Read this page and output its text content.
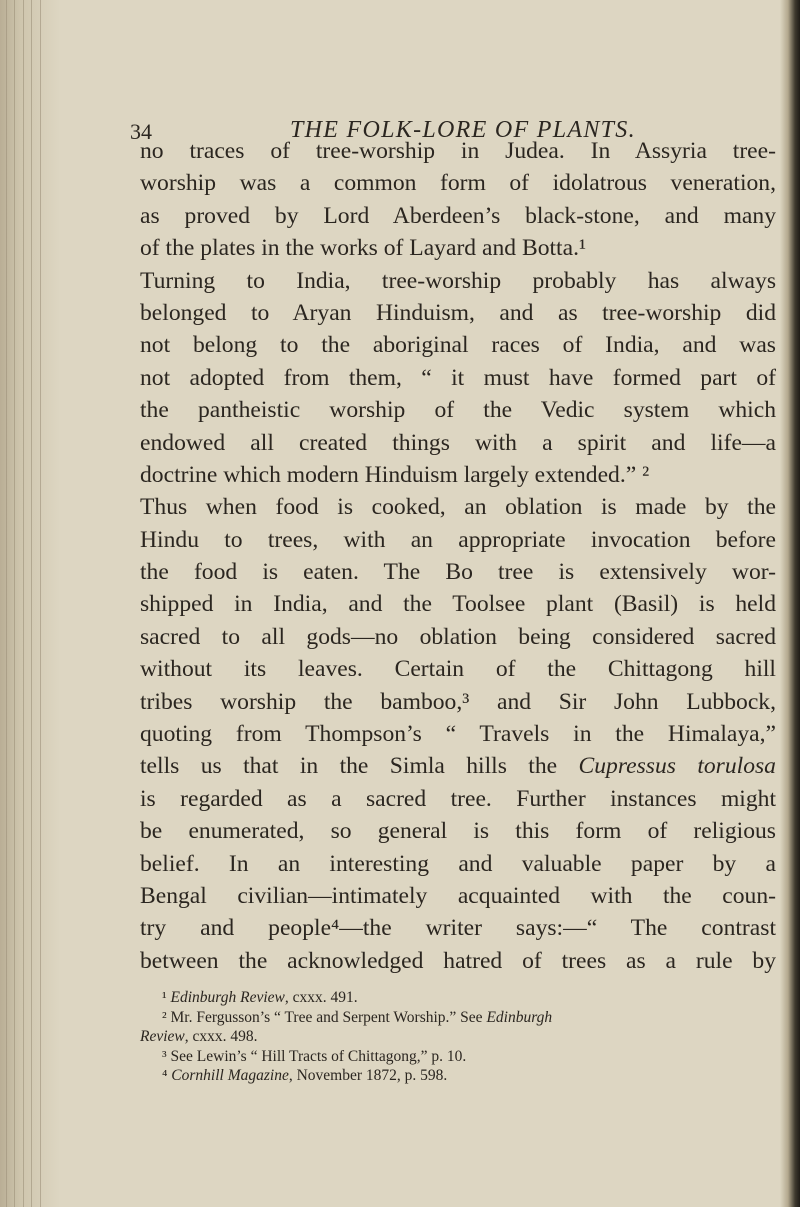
34	THE FOLK-LORE OF PLANTS.
no traces of tree-worship in Judea. In Assyria tree-
worship was a common form of idolatrous veneration,
as proved by Lord Aberdeen’s black-stone, and many
of the plates in the works of Layard and Botta.¹
Turning to India, tree-worship probably has always
belonged to Aryan Hinduism, and as tree-worship did
not belong to the aboriginal races of India, and was
not adopted from them, “ it must have formed part of
the pantheistic worship of the Vedic system which
endowed all created things with a spirit and life—a
doctrine which modern Hinduism largely extended.” ²
Thus when food is cooked, an oblation is made by the
Hindu to trees, with an appropriate invocation before
the food is eaten. The Bo tree is extensively wor-
shipped in India, and the Toolsee plant (Basil) is held
sacred to all gods—no oblation being considered sacred
without its leaves. Certain of the Chittagong hill
tribes worship the bamboo,³ and Sir John Lubbock,
quoting from Thompson’s “ Travels in the Himalaya,”
tells us that in the Simla hills the Cupressus torulosa
is regarded as a sacred tree. Further instances might
be enumerated, so general is this form of religious
belief. In an interesting and valuable paper by a
Bengal civilian—intimately acquainted with the coun-
try and people⁴—the writer says:—“ The contrast
between the acknowledged hatred of trees as a rule by
¹ Edinburgh Review, cxxx. 491.
² Mr. Fergusson’s “ Tree and Serpent Worship.” See Edinburgh
Review, cxxx. 498.
³ See Lewin’s “ Hill Tracts of Chittagong,” p. 10.
⁴ Cornhill Magazine, November 1872, p. 598.
